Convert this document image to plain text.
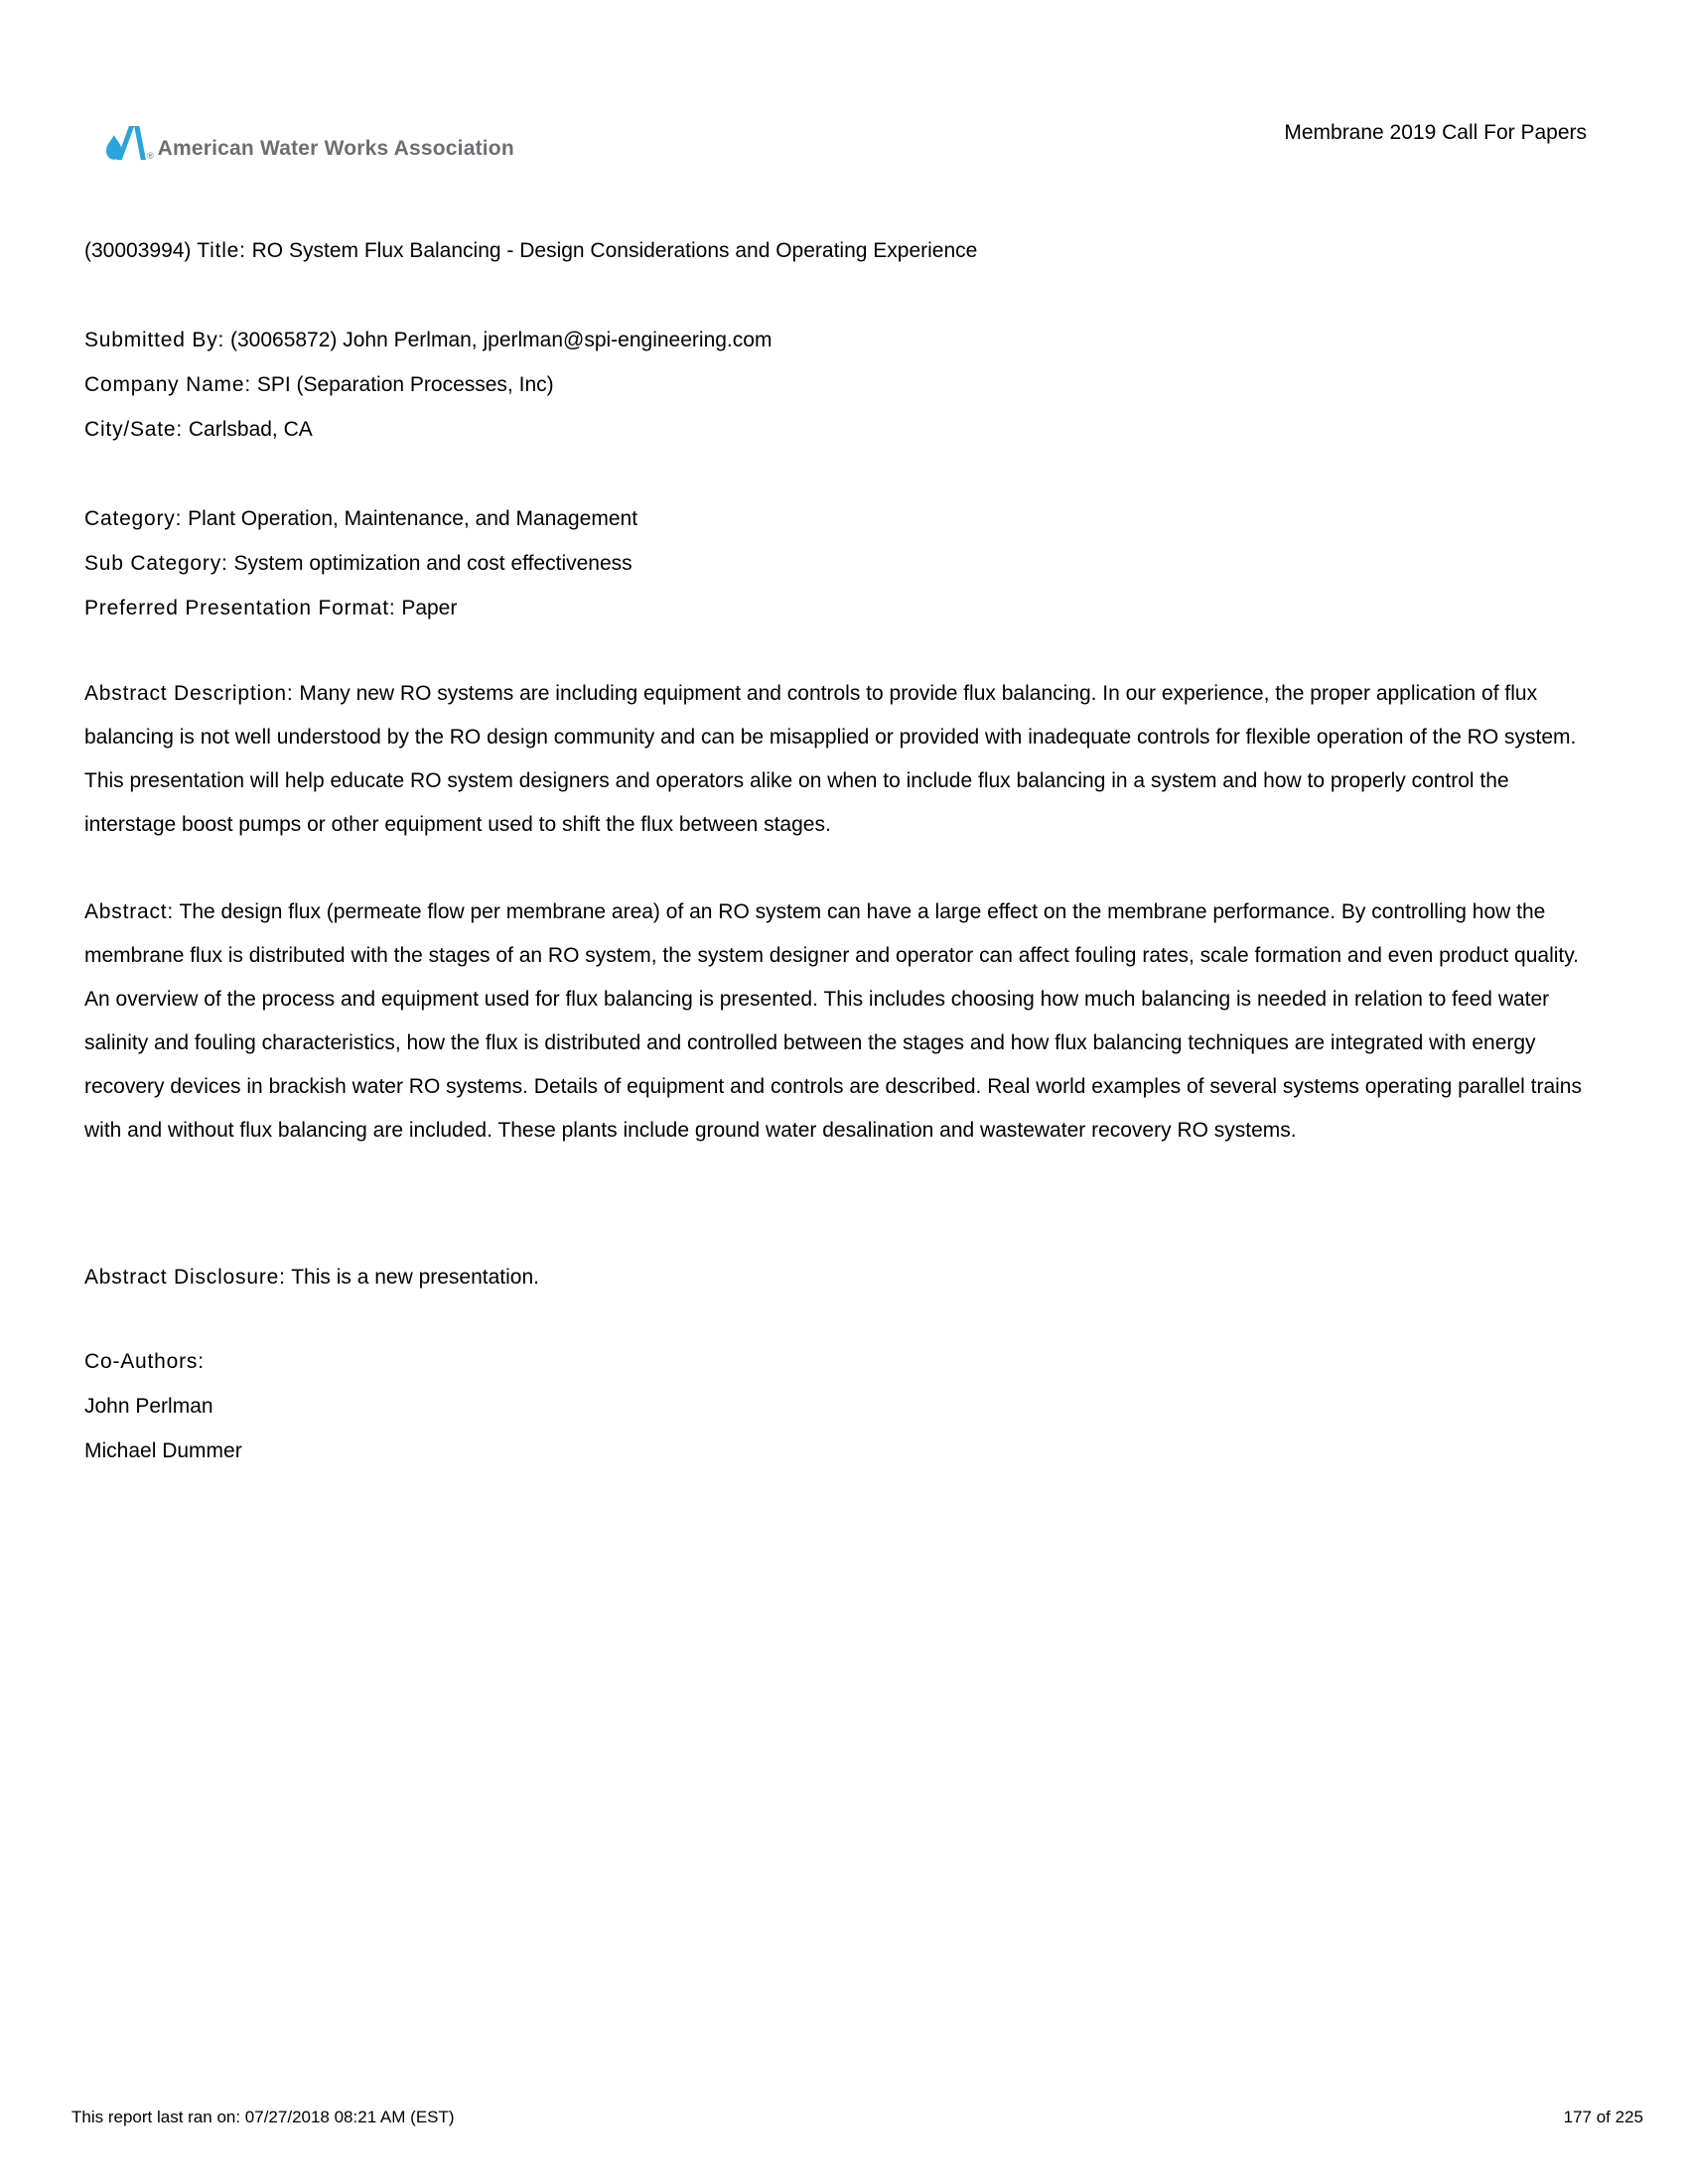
® American Water Works Association
Membrane 2019 Call For Papers
(30003994) Title: RO System Flux Balancing - Design Considerations and Operating Experience
Submitted By: (30065872) John Perlman, jperlman@spi-engineering.com
Company Name: SPI (Separation Processes, Inc)
City/Sate: Carlsbad, CA
Category: Plant Operation, Maintenance, and Management
Sub Category: System optimization and cost effectiveness
Preferred Presentation Format: Paper

Abstract Description: Many new RO systems are including equipment and controls to provide flux balancing. In our experience, the proper application of flux balancing is not well understood by the RO design community and can be misapplied or provided with inadequate controls for flexible operation of the RO system. This presentation will help educate RO system designers and operators alike on when to include flux balancing in a system and how to properly control the interstage boost pumps or other equipment used to shift the flux between stages.

Abstract: The design flux (permeate flow per membrane area) of an RO system can have a large effect on the membrane performance. By controlling how the membrane flux is distributed with the stages of an RO system, the system designer and operator can affect fouling rates, scale formation and even product quality. An overview of the process and equipment used for flux balancing is presented. This includes choosing how much balancing is needed in relation to feed water salinity and fouling characteristics, how the flux is distributed and controlled between the stages and how flux balancing techniques are integrated with energy recovery devices in brackish water RO systems. Details of equipment and controls are described. Real world examples of several systems operating parallel trains with and without flux balancing are included. These plants include ground water desalination and wastewater recovery RO systems.

Abstract Disclosure: This is a new presentation.
Co-Authors:
John Perlman
Michael Dummer
This report last ran on: 07/27/2018 08:21 AM (EST)	177 of 225
